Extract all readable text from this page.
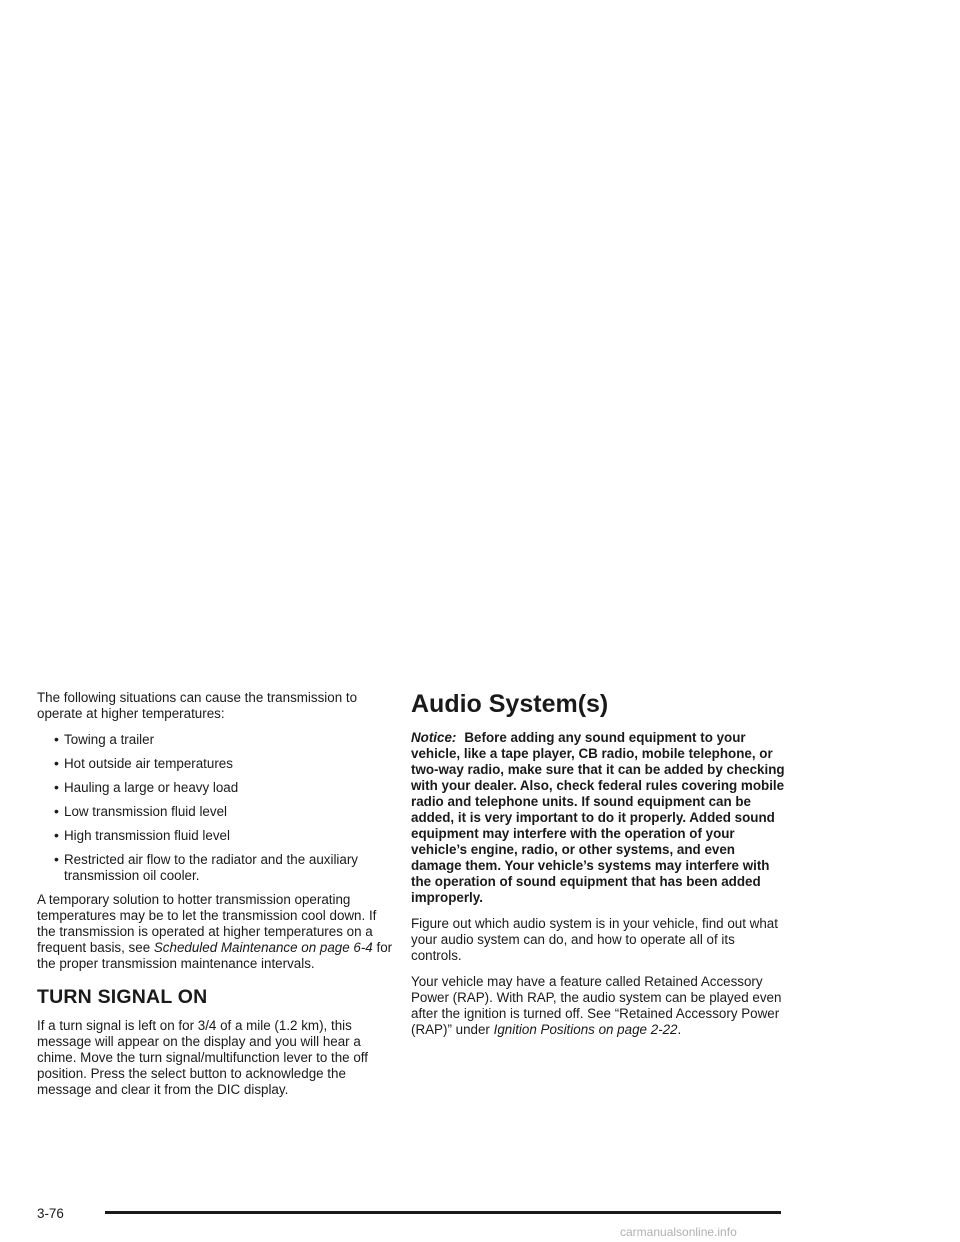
The following situations can cause the transmission to operate at higher temperatures:

• Towing a trailer
• Hot outside air temperatures
• Hauling a large or heavy load
• Low transmission fluid level
• High transmission fluid level
• Restricted air flow to the radiator and the auxiliary transmission oil cooler.

A temporary solution to hotter transmission operating temperatures may be to let the transmission cool down. If the transmission is operated at higher temperatures on a frequent basis, see Scheduled Maintenance on page 6-4 for the proper transmission maintenance intervals.

TURN SIGNAL ON

If a turn signal is left on for 3/4 of a mile (1.2 km), this message will appear on the display and you will hear a chime. Move the turn signal/multifunction lever to the off position. Press the select button to acknowledge the message and clear it from the DIC display.

Audio System(s)

Notice: Before adding any sound equipment to your vehicle, like a tape player, CB radio, mobile telephone, or two-way radio, make sure that it can be added by checking with your dealer. Also, check federal rules covering mobile radio and telephone units. If sound equipment can be added, it is very important to do it properly. Added sound equipment may interfere with the operation of your vehicle’s engine, radio, or other systems, and even damage them. Your vehicle’s systems may interfere with the operation of sound equipment that has been added improperly.

Figure out which audio system is in your vehicle, find out what your audio system can do, and how to operate all of its controls.

Your vehicle may have a feature called Retained Accessory Power (RAP). With RAP, the audio system can be played even after the ignition is turned off. See “Retained Accessory Power (RAP)” under Ignition Positions on page 2-22.

3-76
carmanualsonline.info
